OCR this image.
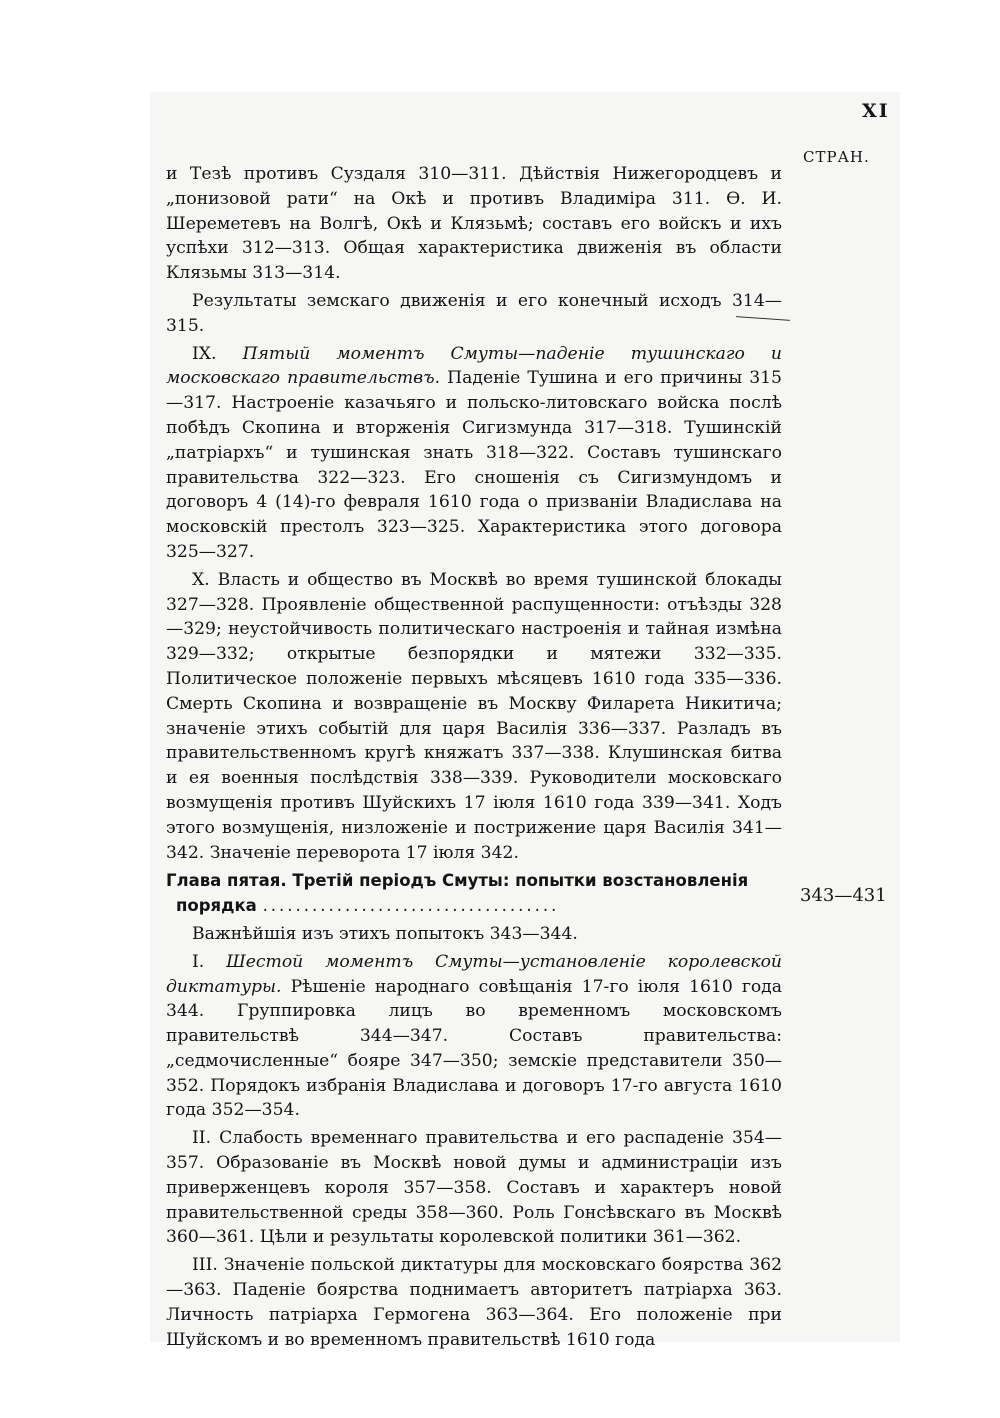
XI
СТРАН.

и Тезѣ противъ Суздаля 310—311. Дѣйствія Нижегородцевъ и „понизовой рати“ на Окѣ и противъ Владиміра 311. Ѳ. И. Шереметевъ на Волгѣ, Окѣ и Клязьмѣ; составъ его войскъ и ихъ успѣхи 312—313. Общая характеристика движенія въ области Клязьмы 313—314.

Результаты земскаго движенія и его конечный исходъ 314—315.

IX. Пятый моментъ Смуты—паденіе тушинскаго и московскаго правительствъ. Паденіе Тушина и его причины 315—317. Настроеніе казачьяго и польско-литовскаго войска послѣ побѣдъ Скопина и вторженія Сигизмунда 317—318. Тушинскій „патріархъ“ и тушинская знать 318—322. Составъ тушинскаго правительства 322—323. Его сношенія съ Сигизмундомъ и договоръ 4 (14)-го февраля 1610 года о призваніи Владислава на московскій престолъ 323—325. Характеристика этого договора 325—327.

X. Власть и общество въ Москвѣ во время тушинской блокады 327—328. Проявленіе общественной распущенности: отъѣзды 328—329; неустойчивость политическаго настроенія и тайная измѣна 329—332; открытые безпорядки и мятежи 332—335. Политическое положеніе первыхъ мѣсяцевъ 1610 года 335—336. Смерть Скопина и возвращеніе въ Москву Филарета Никитича; значеніе этихъ событій для царя Василія 336—337. Разладъ въ правительственномъ кругѣ княжатъ 337—338. Клушинская битва и ея военныя послѣдствія 338—339. Руководители московскаго возмущенія противъ Шуйскихъ 17 іюля 1610 года 339—341. Ходъ этого возмущенія, низложеніе и пострижение царя Василія 341—342. Значеніе переворота 17 іюля 342.

Глава пятая. Третій періодъ Смуты: попытки возстановленія
порядка ....................................

Важнѣйшія изъ этихъ попытокъ 343—344.

I. Шестой моментъ Смуты—установленіе королевской диктатуры. Рѣшеніе народнаго совѣщанія 17-го іюля 1610 года 344. Группировка лицъ во временномъ московскомъ правительствѣ 344—347. Составъ правительства: „седмочисленные“ бояре 347—350; земскіе представители 350—352. Порядокъ избранія Владислава и договоръ 17-го августа 1610 года 352—354.

II. Слабость временнаго правительства и его распаденіе 354—357. Образованіе въ Москвѣ новой думы и администраціи изъ приверженцевъ короля 357—358. Составъ и характеръ новой правительственной среды 358—360. Роль Гонсѣвскаго въ Москвѣ 360—361. Цѣли и результаты королевской политики 361—362.

III. Значеніе польской диктатуры для московскаго боярства 362—363. Паденіе боярства поднимаетъ авторитетъ патріарха 363. Личность патріарха Гермогена 363—364. Его положеніе при Шуйскомъ и во временномъ правительствѣ 1610 года

343—431
